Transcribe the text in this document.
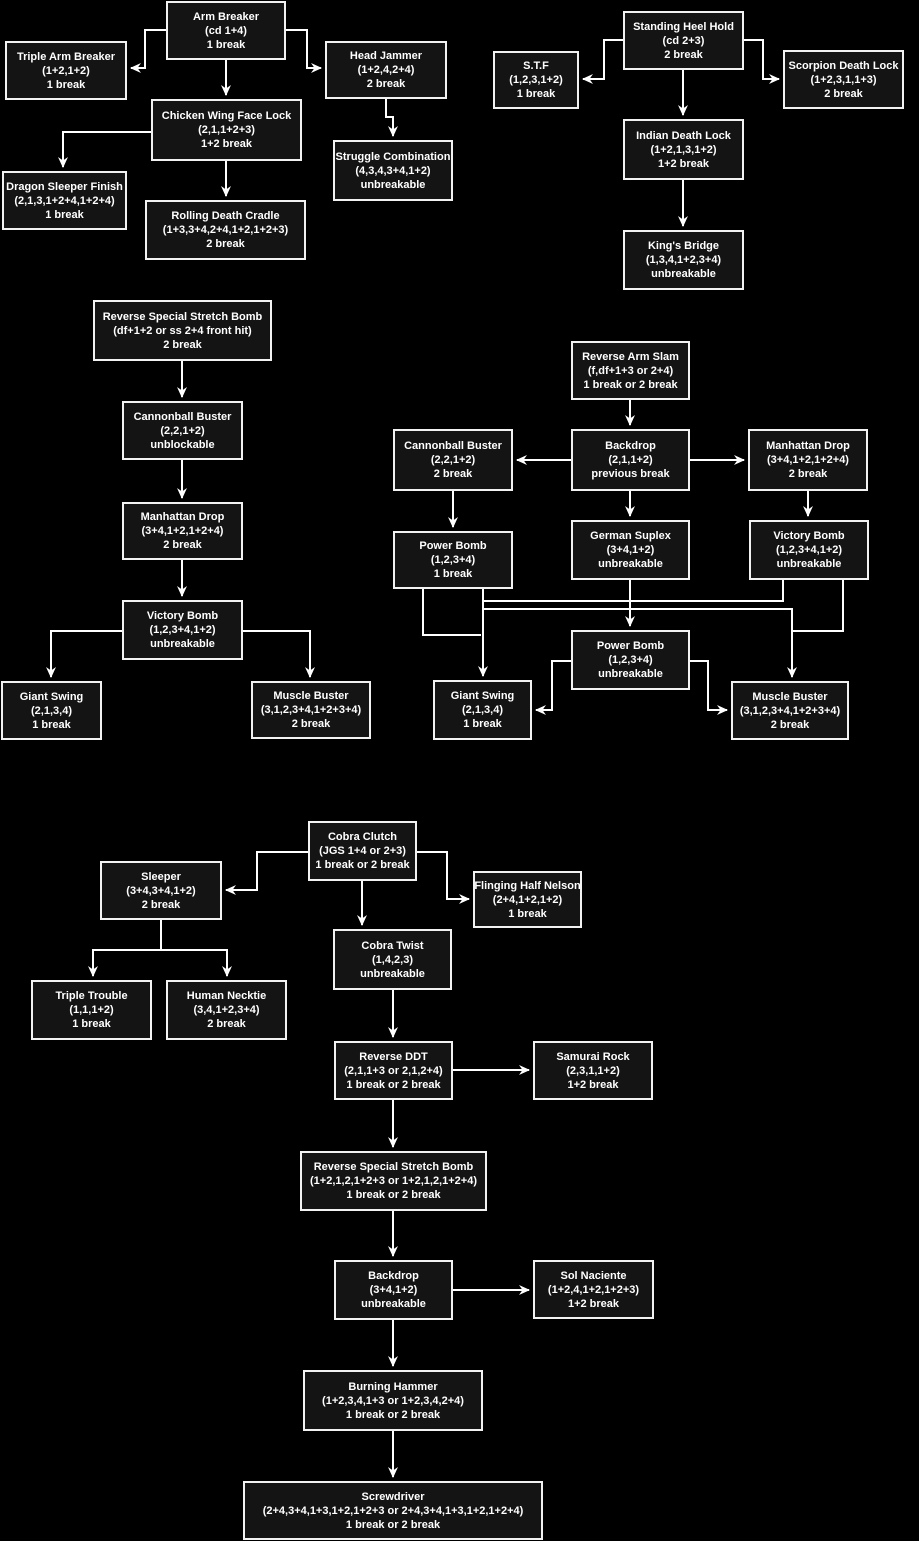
Arm Breaker
(cd 1+4)
1 break
Triple Arm Breaker
(1+2,1+2)
1 break
Head Jammer
(1+2,4,2+4)
2 break
Chicken Wing Face Lock
(2,1,1+2+3)
1+2 break
Struggle Combination
(4,3,4,3+4,1+2)
unbreakable
Dragon Sleeper Finish
(2,1,3,1+2+4,1+2+4)
1 break	Rolling Death Cradle
(1+3,3+4,2+4,1+2,1+2+3)
2 break
Standing Heel Hold
(cd 2+3)
2 break
S.T.F
(1,2,3,1+2)
1 break
Scorpion Death Lock
(1+2,3,1,1+3)
2 break
Indian Death Lock
(1+2,1,3,1+2)
1+2 break
King's Bridge
(1,3,4,1+2,3+4)
unbreakable
Reverse Special Stretch Bomb
(df+1+2 or ss 2+4 front hit)
2 break
Cannonball Buster
(2,2,1+2)
unblockable
Manhattan Drop
(3+4,1+2,1+2+4)
2 break
Victory Bomb
(1,2,3+4,1+2)
unbreakable
Giant Swing
(2,1,3,4)
1 break
Muscle Buster
(3,1,2,3+4,1+2+3+4)
2 break
Reverse Arm Slam
(f,df+1+3 or 2+4)
1 break or 2 break
Cannonball Buster
(2,2,1+2)
2 break
Backdrop
(2,1,1+2)
previous break
Manhattan Drop
(3+4,1+2,1+2+4)
2 break
Power Bomb
(1,2,3+4)
1 break
German Suplex
(3+4,1+2)
unbreakable
Victory Bomb
(1,2,3+4,1+2)
unbreakable
Power Bomb
(1,2,3+4)
unbreakable
Giant Swing
(2,1,3,4)
1 break
Muscle Buster
(3,1,2,3+4,1+2+3+4)
2 break
Cobra Clutch
(JGS 1+4 or 2+3)
1 break or 2 break
Sleeper
(3+4,3+4,1+2)
2 break
Flinging Half Nelson
(2+4,1+2,1+2)
1 break
Cobra Twist
(1,4,2,3)
unbreakable
Triple Trouble
(1,1,1+2)
1 break
Human Necktie
(3,4,1+2,3+4)
2 break
Reverse DDT
(2,1,1+3 or 2,1,2+4)
1 break or 2 break
Samurai Rock
(2,3,1,1+2)
1+2 break
Reverse Special Stretch Bomb
(1+2,1,2,1+2+3 or 1+2,1,2,1+2+4)
1 break or 2 break
Backdrop
(3+4,1+2)
unbreakable
Sol Naciente
(1+2,4,1+2,1+2+3)
1+2 break
Burning Hammer
(1+2,3,4,1+3 or 1+2,3,4,2+4)
1 break or 2 break
Screwdriver
(2+4,3+4,1+3,1+2,1+2+3 or 2+4,3+4,1+3,1+2,1+2+4)
1 break or 2 break
